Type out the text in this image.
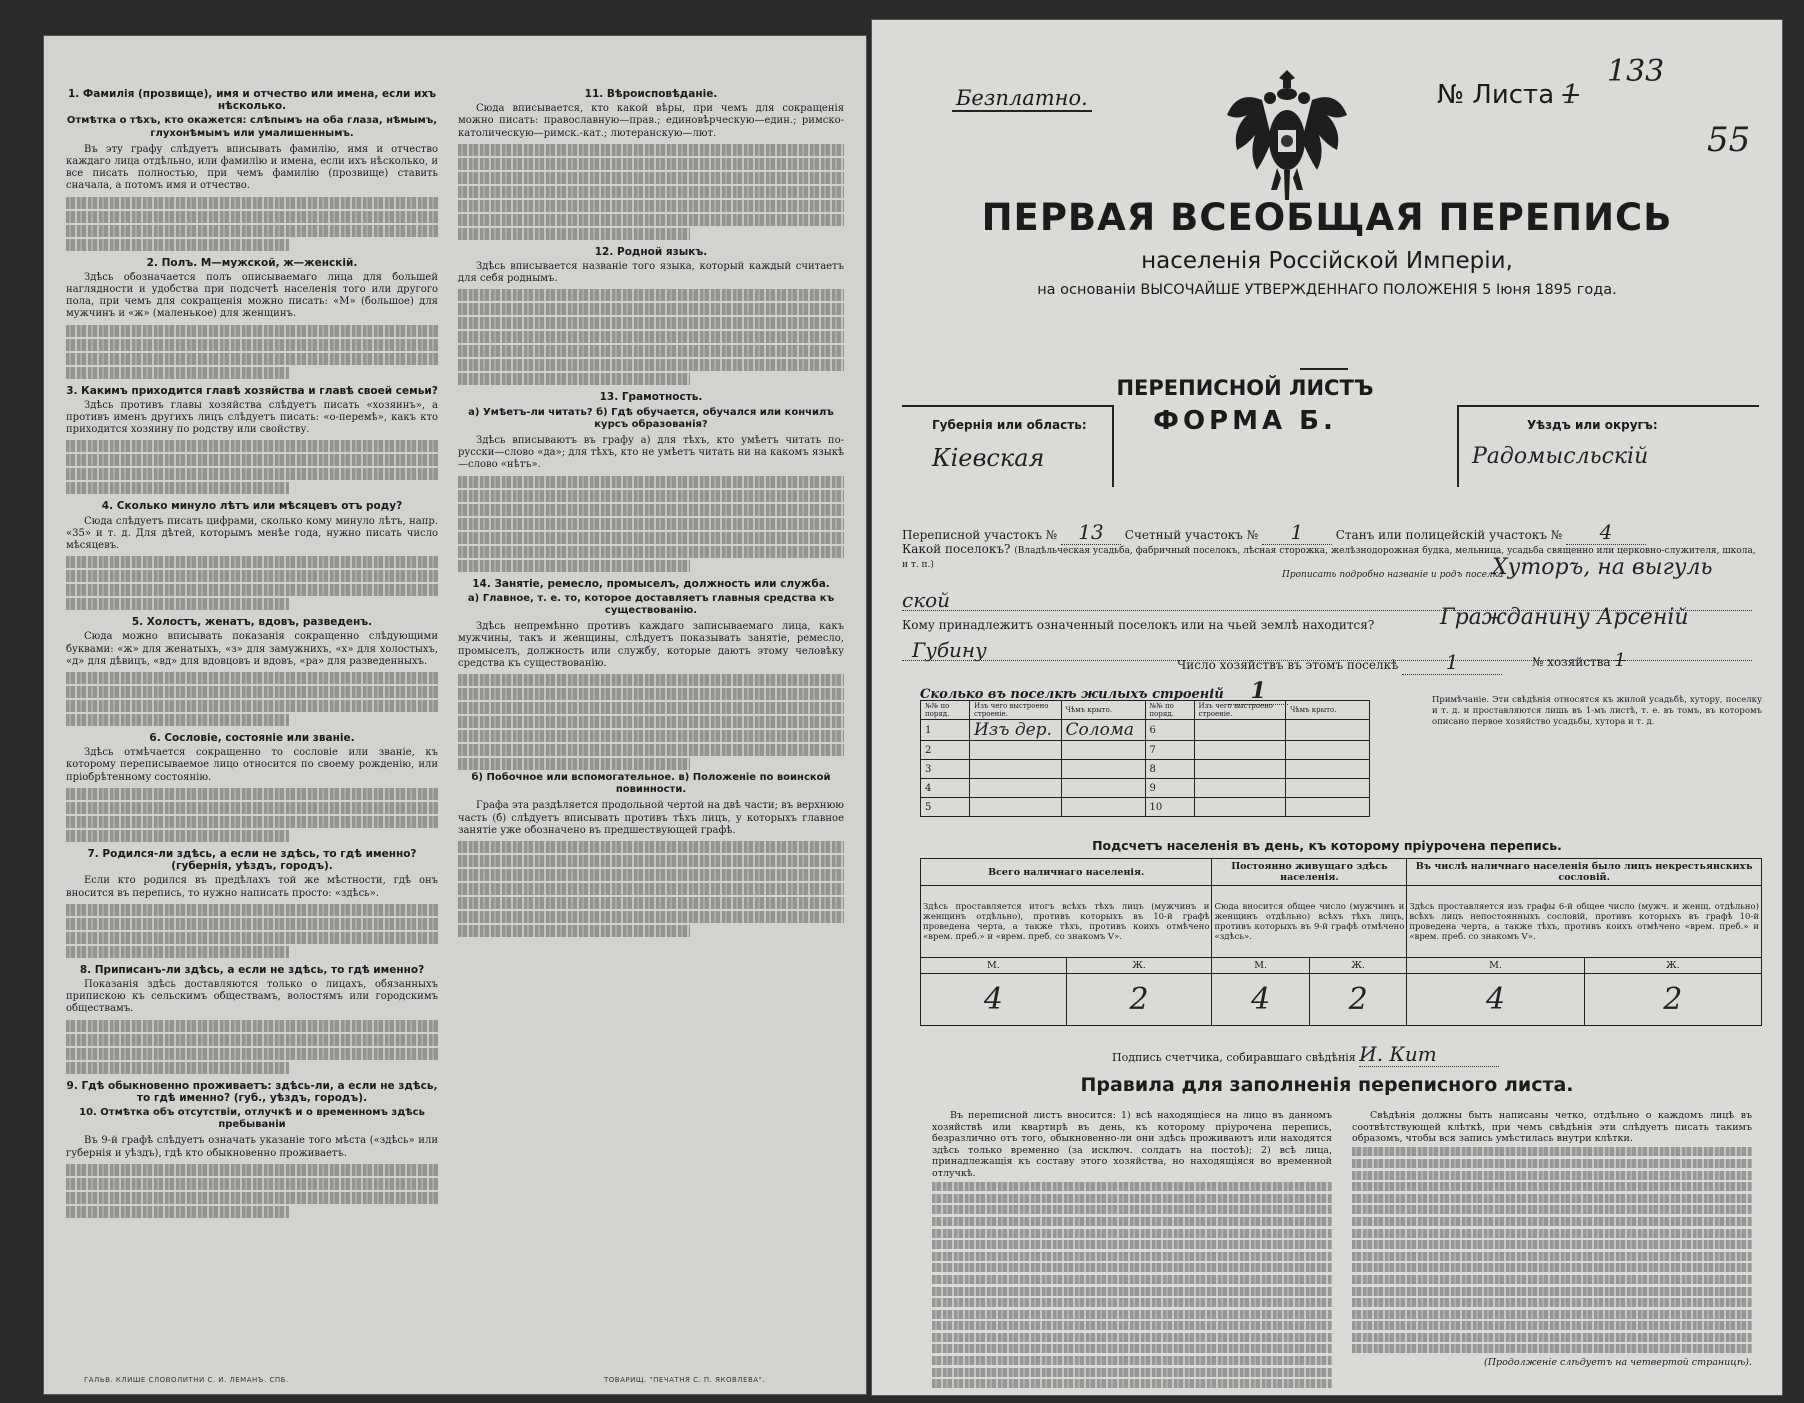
1. Фамилія (прозвище), имя и отчество или имена, если ихъ нѣсколько.
Отмѣтка о тѣхъ, кто окажется: слѣпымъ на оба глаза, нѣмымъ, глухонѣмымъ или умалишеннымъ.
Въ эту графу слѣдуетъ вписывать фамилію, имя и отчество каждаго лица отдѣльно, или фамилію и имена, если ихъ нѣсколько, и все писать полностью, при чемъ фамилію (прозвище) ставить сначала, а потомъ имя и отчество.
2. Полъ. М—мужской, ж—женскій.
Здѣсь обозначается полъ описываемаго лица для большей наглядности и удобства при подсчетѣ населенія того или другого пола, при чемъ для сокращенія можно писать: «М» (большое) для мужчинъ и «ж» (маленькое) для женщинъ.
3. Какимъ приходится главѣ хозяйства и главѣ своей семьи?
Здѣсь противъ главы хозяйства слѣдуетъ писать «хозяинъ», а противъ именъ другихъ лицъ слѣдуетъ писать: «о-перемѣ», какъ кто приходится хозяину по родству или свойству.
4. Сколько минуло лѣтъ или мѣсяцевъ отъ роду?
Сюда слѣдуетъ писать цифрами, сколько кому минуло лѣтъ, напр. «35» и т. д. Для дѣтей, которымъ менѣе года, нужно писать число мѣсяцевъ.
5. Холостъ, женатъ, вдовъ, разведенъ.
Сюда можно вписывать показанія сокращенно слѣдующими буквами: «ж» для женатыхъ, «з» для замужнихъ, «х» для холостыхъ, «д» для дѣвицъ, «вд» для вдовцовъ и вдовъ, «ра» для разведенныхъ.
6. Сословіе, состояніе или званіе.
Здѣсь отмѣчается сокращенно то сословіе или званіе, къ которому переписываемое лицо относится по своему рожденію, или пріобрѣтенному состоянію.
7. Родился-ли здѣсь, а если не здѣсь, то гдѣ именно? (губернія, уѣздъ, городъ).
Если кто родился въ предѣлахъ той же мѣстности, гдѣ онъ вносится въ перепись, то нужно написать просто: «здѣсь».
8. Приписанъ-ли здѣсь, а если не здѣсь, то гдѣ именно?
Показанія здѣсь доставляются только о лицахъ, обязанныхъ припискою къ сельскимъ обществамъ, волостямъ или городскимъ обществамъ.
9. Гдѣ обыкновенно проживаетъ: здѣсь-ли, а если не здѣсь, то гдѣ именно? (губ., уѣздъ, городъ).
10. Отмѣтка объ отсутствіи, отлучкѣ и о временномъ здѣсь пребываніи
Въ 9-й графѣ слѣдуетъ означать указаніе того мѣста («здѣсь» или губернія и уѣздъ), гдѣ кто обыкновенно проживаетъ.
11. Вѣроисповѣданіе.
Сюда вписывается, кто какой вѣры, при чемъ для сокращенія можно писать: православную—прав.; единовѣрческую—един.; римско-католическую—римск.-кат.; лютеранскую—лют.
12. Родной языкъ.
Здѣсь вписывается названіе того языка, который каждый считаетъ для себя роднымъ.
13. Грамотность.
а) Умѣетъ-ли читать? б) Гдѣ обучается, обучался или кончилъ курсъ образованія?
Здѣсь вписываютъ въ графу а) для тѣхъ, кто умѣетъ читать по-русски—слово «да»; для тѣхъ, кто не умѣетъ читать ни на какомъ языкѣ—слово «нѣтъ».
14. Занятіе, ремесло, промыселъ, должность или служба.
а) Главное, т. е. то, которое доставляетъ главныя средства къ существованію.
Здѣсь непремѣнно противъ каждаго записываемаго лица, какъ мужчины, такъ и женщины, слѣдуетъ показывать занятіе, ремесло, промыселъ, должность или службу, которые даютъ этому человѣку средства къ существованію.
б) Побочное или вспомогательное. в) Положеніе по воинской повинности.
Графа эта раздѣляется продольной чертой на двѣ части; въ верхнюю часть (б) слѣдуетъ вписывать противъ тѣхъ лицъ, у которыхъ главное занятіе уже обозначено въ предшествующей графѣ.
ГАЛЬВ. КЛИШЕ СЛОВОЛИТНИ С. И. ЛЕМАНЪ. СПБ.	ТОВАРИЩ. "ПЕЧАТНЯ С. П. ЯКОВЛЕВА".
Безплатно.	№ Листа 1
133
55
ПЕРВАЯ ВСЕОБЩАЯ ПЕРЕПИСЬ
населенія Россійской Имперіи,
на основаніи ВЫСОЧАЙШЕ УТВЕРЖДЕННАГО ПОЛОЖЕНІЯ 5 Іюня 1895 года.
Губернія или область:
Кіевская
ПЕРЕПИСНОЙ ЛИСТЪ
ФОРМА Б.	Уѣздъ или округъ:
Радомысльскій
Переписной участокъ № 13 Счетный участокъ № 1	Станъ или полицейскій участокъ № 4
Какой поселокъ? (Владѣльческая усадьба, фабричный поселокъ, лѣсная сторожка, желѣзнодорожная будка, мельница, усадьба священно или церковно-служителя, школа, и т. п.)
Прописать подробно названіе и родъ поселка
Хуторъ, на выгуль
ской
Кому принадлежитъ означенный поселокъ или на чьей землѣ находится?	Гражданину Арсеній
Губину
Число хозяйствъ въ этомъ поселкѣ 1	№ хозяйства 1
Сколько въ поселкѣ жилыхъ строеній 1
№№ по поряд.	Изъ чего выстроено строеніе.	Чѣмъ крыто.	№№ по поряд.	Изъ чего выстроено строеніе.	Чѣмъ крыто.
1	Изъ дер.	Солома	6		
2			7		
3			8		
4			9		
5			10		
Примѣчаніе. Эти свѣдѣнія относятся къ жилой усадьбѣ, хутору, поселку и т. д. и проставляются лишь въ 1-мъ листѣ, т. е. въ томъ, въ которомъ описано первое хозяйство усадьбы, хутора и т. д.
Подсчетъ населенія въ день, къ которому пріурочена перепись.
Всего наличнаго населенія.		Постоянно живущаго здѣсь населенія.		Въ числѣ наличнаго населенія было лицъ некрестьянскихъ сословій.	
Здѣсь проставляется итогъ всѣхъ тѣхъ лицъ (мужчинъ и женщинъ отдѣльно), противъ которыхъ въ 10-й графѣ проведена черта, а также тѣхъ, противъ коихъ отмѣчено «врем. преб.» и «врем. преб. со знакомъ V».		Сюда вносится общее число (мужчинъ и женщинъ отдѣльно) всѣхъ тѣхъ лицъ, противъ которыхъ въ 9-й графѣ отмѣчено «здѣсь».		Здѣсь проставляется изъ графы 6-й общее число (мужч. и женщ. отдѣльно) всѣхъ лицъ непостоянныхъ сословій, противъ которыхъ въ графѣ 10-й проведена черта, а также тѣхъ, противъ коихъ отмѣчено «врем. преб.» и «врем. преб. со знакомъ V».	
М.	Ж.	М.	Ж.	М.	Ж.
4	2	4	2	4	2
Подпись счетчика, собиравшаго свѣдѣнія И. Кит
Правила для заполненія переписного листа.
Въ переписной листъ вносится: 1) всѣ находящіеся на лицо въ данномъ хозяйствѣ или квартирѣ въ день, къ которому пріурочена перепись, безразлично отъ того, обыкновенно-ли они здѣсь проживаютъ или находятся здѣсь только временно (за исключ. солдатъ на постоѣ); 2) всѣ лица, принадлежащія къ составу этого хозяйства, но находящіяся во временной отлучкѣ.
Свѣдѣнія должны быть написаны четко, отдѣльно о каждомъ лицѣ въ соотвѣтствующей клѣткѣ, при чемъ свѣдѣнія эти слѣдуетъ писать такимъ образомъ, чтобы вся запись умѣстилась внутри клѣтки.
(Продолженіе слѣдуетъ на четвертой страницѣ).
